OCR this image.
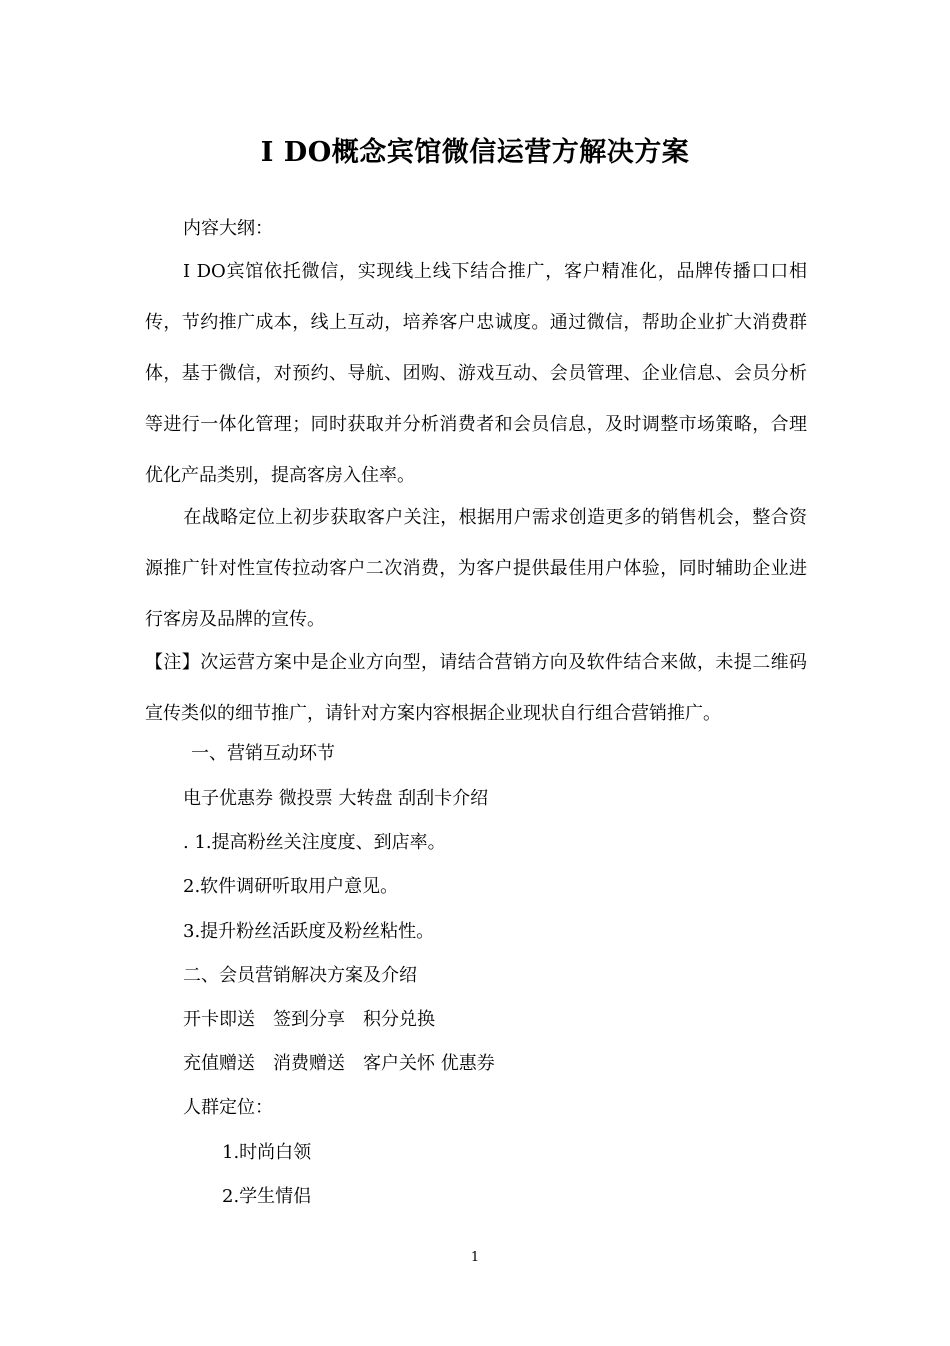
I DO概念宾馆微信运营方解决方案
内容大纲：
I DO宾馆依托微信，实现线上线下结合推广，客户精准化，品牌传播口口相传，节约推广成本，线上互动，培养客户忠诚度。通过微信，帮助企业扩大消费群体，基于微信，对预约、导航、团购、游戏互动、会员管理、企业信息、会员分析等进行一体化管理；同时获取并分析消费者和会员信息，及时调整市场策略，合理优化产品类别，提高客房入住率。
在战略定位上初步获取客户关注，根据用户需求创造更多的销售机会，整合资源推广针对性宣传拉动客户二次消费，为客户提供最佳用户体验，同时辅助企业进行客房及品牌的宣传。
【注】次运营方案中是企业方向型，请结合营销方向及软件结合来做，未提二维码宣传类似的细节推广，请针对方案内容根据企业现状自行组合营销推广。
一、营销互动环节
电子优惠券 微投票 大转盘 刮刮卡介绍
. 1.提高粉丝关注度度、到店率。
2.软件调研听取用户意见。
3.提升粉丝活跃度及粉丝粘性。
二、会员营销解决方案及介绍
开卡即送　签到分享　积分兑换
充值赠送　消费赠送　客户关怀 优惠券
人群定位：
1.时尚白领
2.学生情侣
1
